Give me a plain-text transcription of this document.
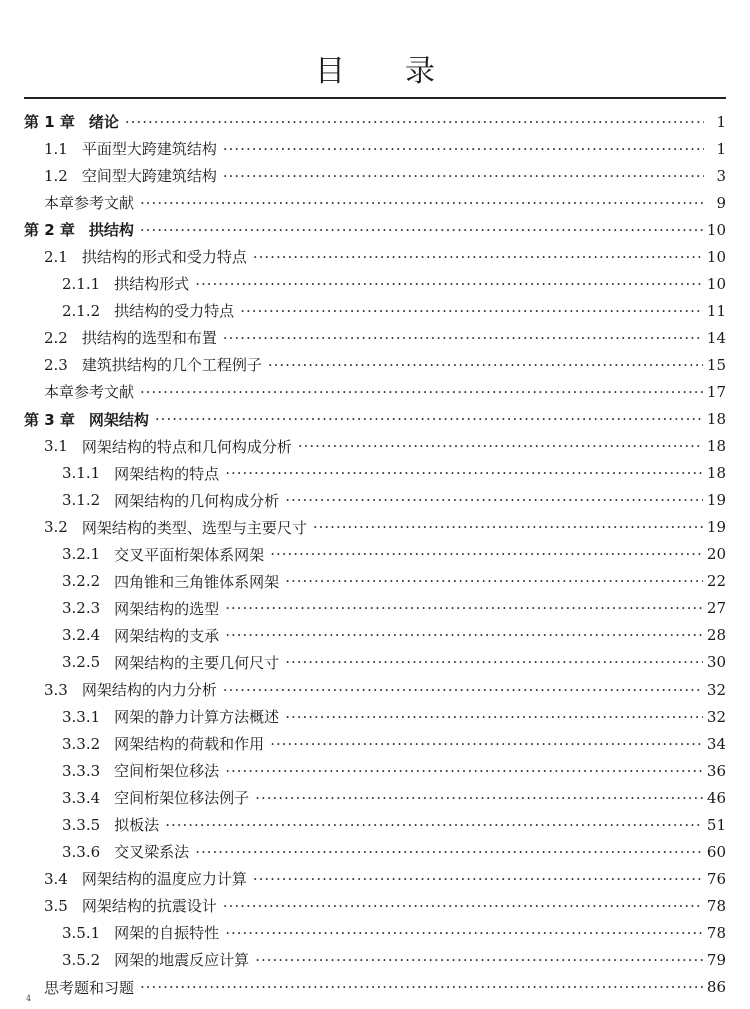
目录
第 1 章 绪论 ·····	1
1.1 平面型大跨建筑结构 ·····	1
1.2 空间型大跨建筑结构 ·····	3
本章参考文献 ·····	9
第 2 章 拱结构 ·····	10
2.1 拱结构的形式和受力特点 ·····	10
2.1.1 拱结构形式 ·····	10
2.1.2 拱结构的受力特点 ·····	11
2.2 拱结构的选型和布置 ·····	14
2.3 建筑拱结构的几个工程例子 ·····	15
本章参考文献 ·····	17
第 3 章 网架结构 ·····	18
3.1 网架结构的特点和几何构成分析 ·····	18
3.1.1 网架结构的特点 ·····	18
3.1.2 网架结构的几何构成分析 ·····	19
3.2 网架结构的类型、选型与主要尺寸 ·····	19
3.2.1 交叉平面桁架体系网架 ·····	20
3.2.2 四角锥和三角锥体系网架 ·····	22
3.2.3 网架结构的选型 ·····	27
3.2.4 网架结构的支承 ·····	28
3.2.5 网架结构的主要几何尺寸 ·····	30
3.3 网架结构的内力分析 ·····	32
3.3.1 网架的静力计算方法概述 ·····	32
3.3.2 网架结构的荷载和作用 ·····	34
3.3.3 空间桁架位移法 ·····	36
3.3.4 空间桁架位移法例子 ·····	46
3.3.5 拟板法 ·····	51
3.3.6 交叉梁系法 ·····	60
3.4 网架结构的温度应力计算 ·····	76
3.5 网架结构的抗震设计 ·····	78
3.5.1 网架的自振特性 ·····	78
3.5.2 网架的地震反应计算 ·····	79
思考题和习题 ·····	86
4
